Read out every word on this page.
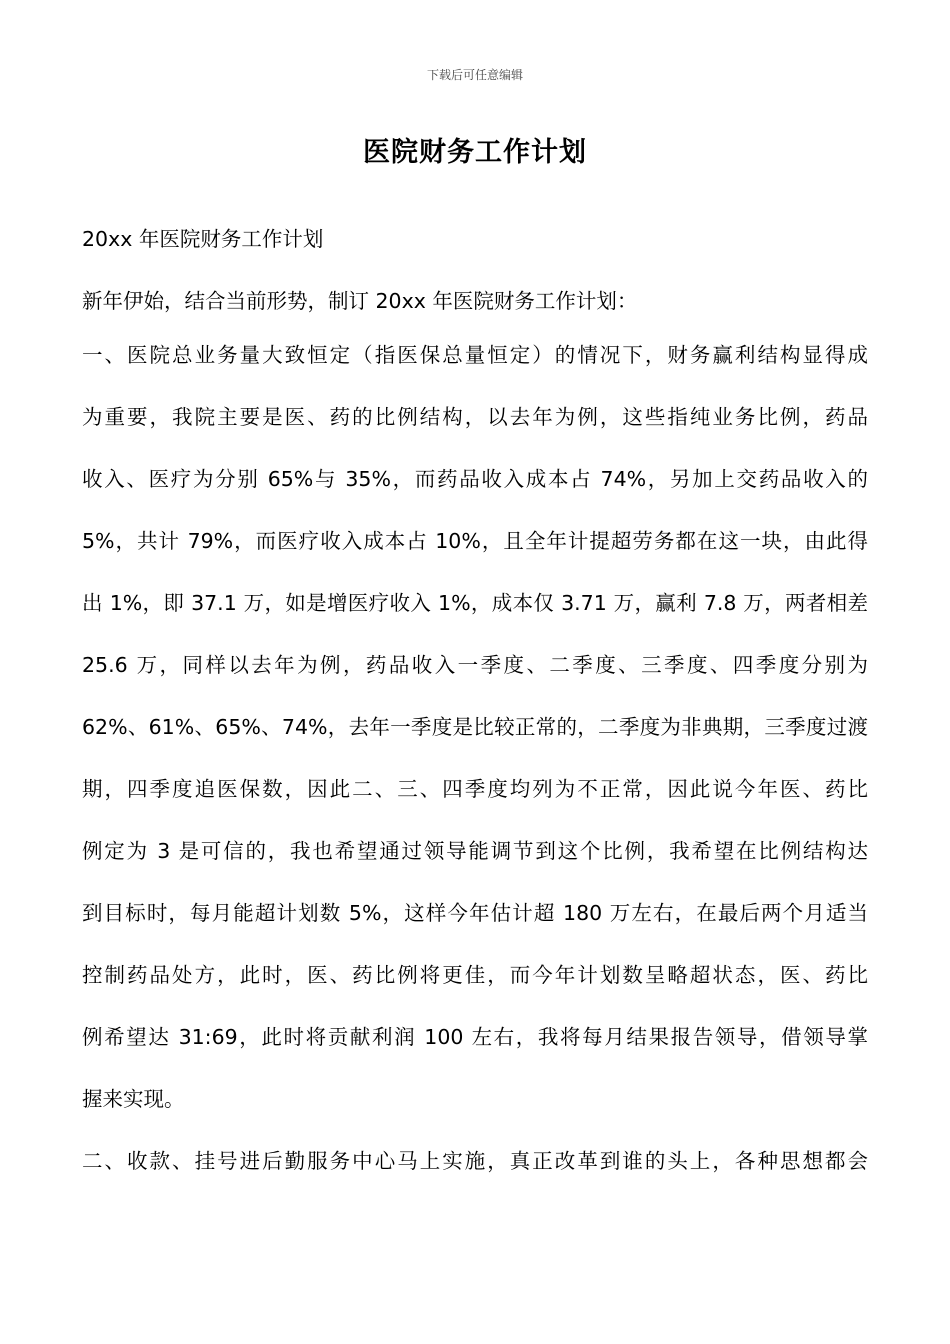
下载后可任意编辑
医院财务工作计划
20xx 年医院财务工作计划
新年伊始，结合当前形势，制订 20xx 年医院财务工作计划：
一、医院总业务量大致恒定（指医保总量恒定）的情况下，财务赢利结构显得成
为重要，我院主要是医、药的比例结构，以去年为例，这些指纯业务比例，药品
收入、医疗为分别 65%与 35%，而药品收入成本占 74%，另加上交药品收入的
5%，共计 79%，而医疗收入成本占 10%，且全年计提超劳务都在这一块，由此得
出 1%，即 37.1 万，如是增医疗收入 1%，成本仅 3.71 万，赢利 7.8 万，两者相差
25.6 万，同样以去年为例，药品收入一季度、二季度、三季度、四季度分别为
62%、61%、65%、74%，去年一季度是比较正常的，二季度为非典期，三季度过渡
期，四季度追医保数，因此二、三、四季度均列为不正常，因此说今年医、药比
例定为 3 是可信的，我也希望通过领导能调节到这个比例，我希望在比例结构达
到目标时，每月能超计划数 5%，这样今年估计超 180 万左右，在最后两个月适当
控制药品处方，此时，医、药比例将更佳，而今年计划数呈略超状态，医、药比
例希望达 31:69，此时将贡献利润 100 左右，我将每月结果报告领导，借领导掌
握来实现。
二、收款、挂号进后勤服务中心马上实施，真正改革到谁的头上，各种思想都会
